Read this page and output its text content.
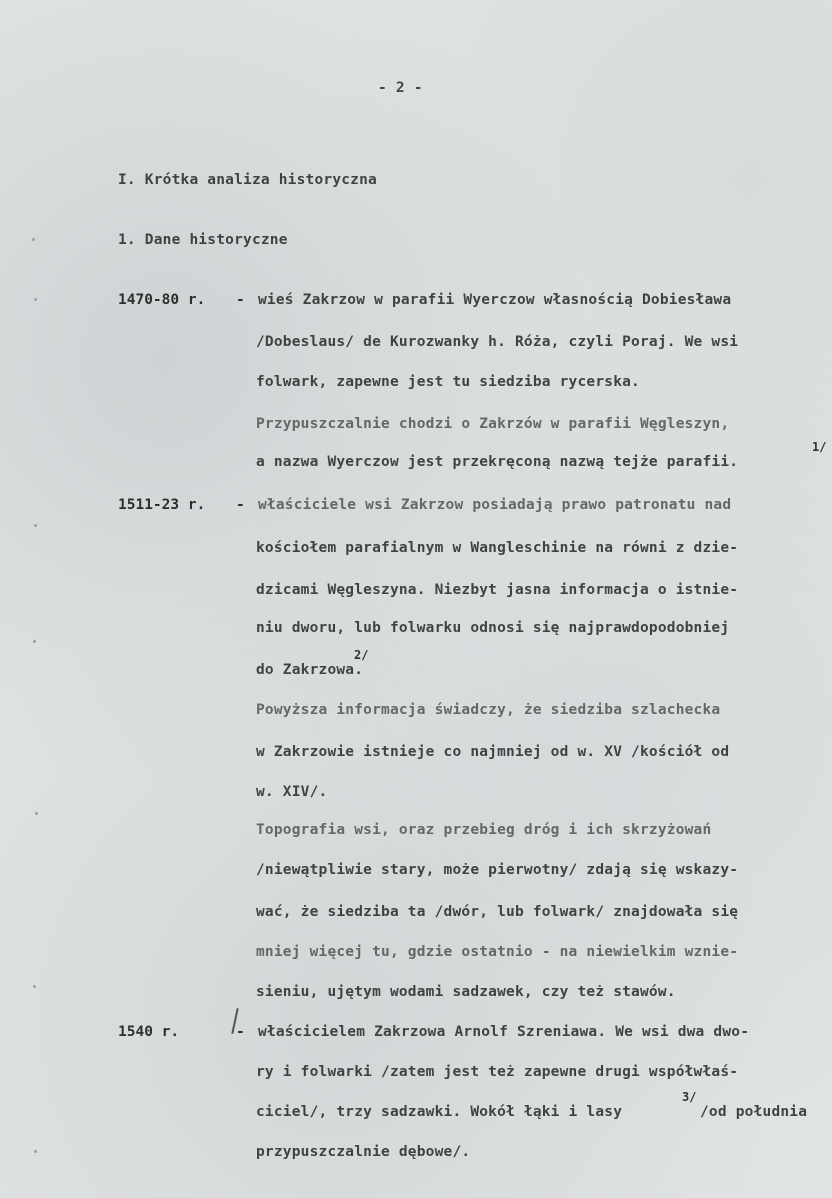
- 2 -
I. Krótka analiza historyczna
1. Dane historyczne
1470-80 r. - wieś Zakrzow w parafii Wyerczow własnością Dobiesława
/Dobeslaus/ de Kurozwanky h. Róża, czyli Poraj. We wsi
folwark, zapewne jest tu siedziba rycerska.
Przypuszczalnie chodzi o Zakrzów w parafii Węgleszyn,
a nazwa Wyerczow jest przekręconą nazwą tejże parafii.
1/
1511-23 r. - właściciele wsi Zakrzow posiadają prawo patronatu nad
kościołem parafialnym w Wangleschinie na równi z dzie-
dzicami Węgleszyna. Niezbyt jasna informacja o istnie-
niu dworu, lub folwarku odnosi się najprawdopodobniej
do Zakrzowa.
2/
Powyższa informacja świadczy, że siedziba szlachecka
w Zakrzowie istnieje co najmniej od w. XV /kościół od
w. XIV/.
Topografia wsi, oraz przebieg dróg i ich skrzyżowań
/niewątpliwie stary, może pierwotny/ zdają się wskazy-
wać, że siedziba ta /dwór, lub folwark/ znajdowała się
mniej więcej tu, gdzie ostatnio - na niewielkim wznie-
sieniu, ujętym wodami sadzawek, czy też stawów.
1540 r.	- właścicielem Zakrzowa Arnolf Szreniawa. We wsi dwa dwo-
ry i folwarki /zatem jest też zapewne drugi współwłaś-
ciciel/, trzy sadzawki. Wokół łąki i lasy
3/
/od południa
przypuszczalnie dębowe/.
